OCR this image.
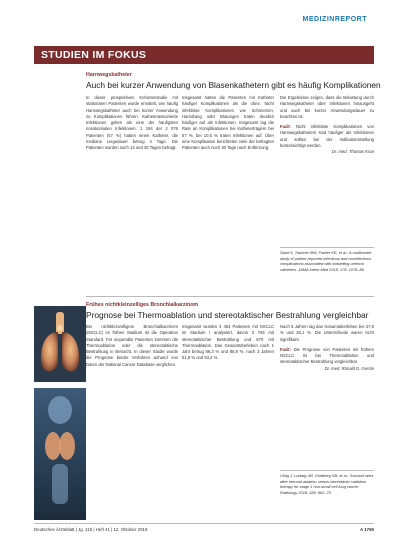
MEDIZINREPORT
STUDIEN IM FOKUS
Harnwegskatheter
Auch bei kurzer Anwendung von Blasenkathetern gibt es häufig Komplikationen

In dieser prospektiven Kohortenstudie mit stationären Patienten wurde ermittelt, wie häufig Harnwegskatheter auch bei kurzer Anwendung zu Komplikationen führen. Katheterassoziierte Infektionen gelten als eine der häufigsten nosokomialen Infektionen. 1 194 der 2 076 Patienten (57 %) hatten einen Katheter, die mediane Liegedauer betrug 4 Tage. Die Patienten wurden nach 14 und 30 Tagen befragt.

Insgesamt hatten die Patienten mit Katheter häufiger Komplikationen als die ohne. Nicht infektiöse Komplikationen wie Schmerzen, Harndrang oder Blutungen traten deutlich häufiger auf als Infektionen. Insgesamt lag die Rate an Komplikationen bei Katheterträgern bei 57 %, bei 10,5 % traten Infektionen auf. Über eine Komplikation berichteten viele der befragten Patienten auch noch 30 Tage nach Entfernung.

Die Ergebnisse zeigen, dass die Belastung durch Harnwegskatheter über Infektionen hinausgeht und auch bei kurzer Anwendungsdauer zu beachten ist.

Fazit: Nicht infektiöse Komplikationen von Harnwegskathetern sind häufiger als Infektionen und sollten bei der Indikationsstellung berücksichtigt werden.

Dr. med. Thomas Kron

Saint S, Trautner BW, Fowler KE, et al.: A multicenter study of patient-reported infectious and noninfectious complications associated with indwelling urethral catheters. JAMA Intern Med 2018; 178: 1078–85.
Frühes nichtkleinzelliges Bronchialkarzinom
Prognose bei Thermoablation und stereotaktischer Bestrahlung vergleichbar

Bei nichtkleinzelligem Bronchialkarzinom (NSCLC) im frühen Stadium ist die Operation Standard. Für inoperable Patienten kommen die Thermoablation oder die stereotaktische Bestrahlung in Betracht. In dieser Studie wurde die Prognose beider Verfahren anhand von Daten der National Cancer Database verglichen.

Insgesamt wurden 4 454 Patienten mit NSCLC im Stadium I analysiert, davon 3 784 mit stereotaktischer Bestrahlung und 670 mit Thermoablation. Das Gesamtüberleben nach 1 Jahr betrug 86,3 % und 85,8 %, nach 3 Jahren 51,8 % und 53,2 %.

Nach 5 Jahren lag das Gesamtüberleben bei 27,6 % und 28,1 %. Die Unterschiede waren nicht signifikant.

Fazit: Die Prognose von Patienten mit frühem NSCLC ist bei Thermoablation und stereotaktischer Bestrahlung vergleichbar.

Dr. med. Ronald D. Gerste

Uhlig J, Ludwig JM, Goldberg SB, et al.: Survival rates after thermal ablation versus stereotactic radiation therapy for stage 1 non-small cell lung cancer. Radiology 2018; 289: 862–70.
Deutsches Ärzteblatt | Jg. 115 | Heft 41 | 12. Oktober 2018	A 1765
